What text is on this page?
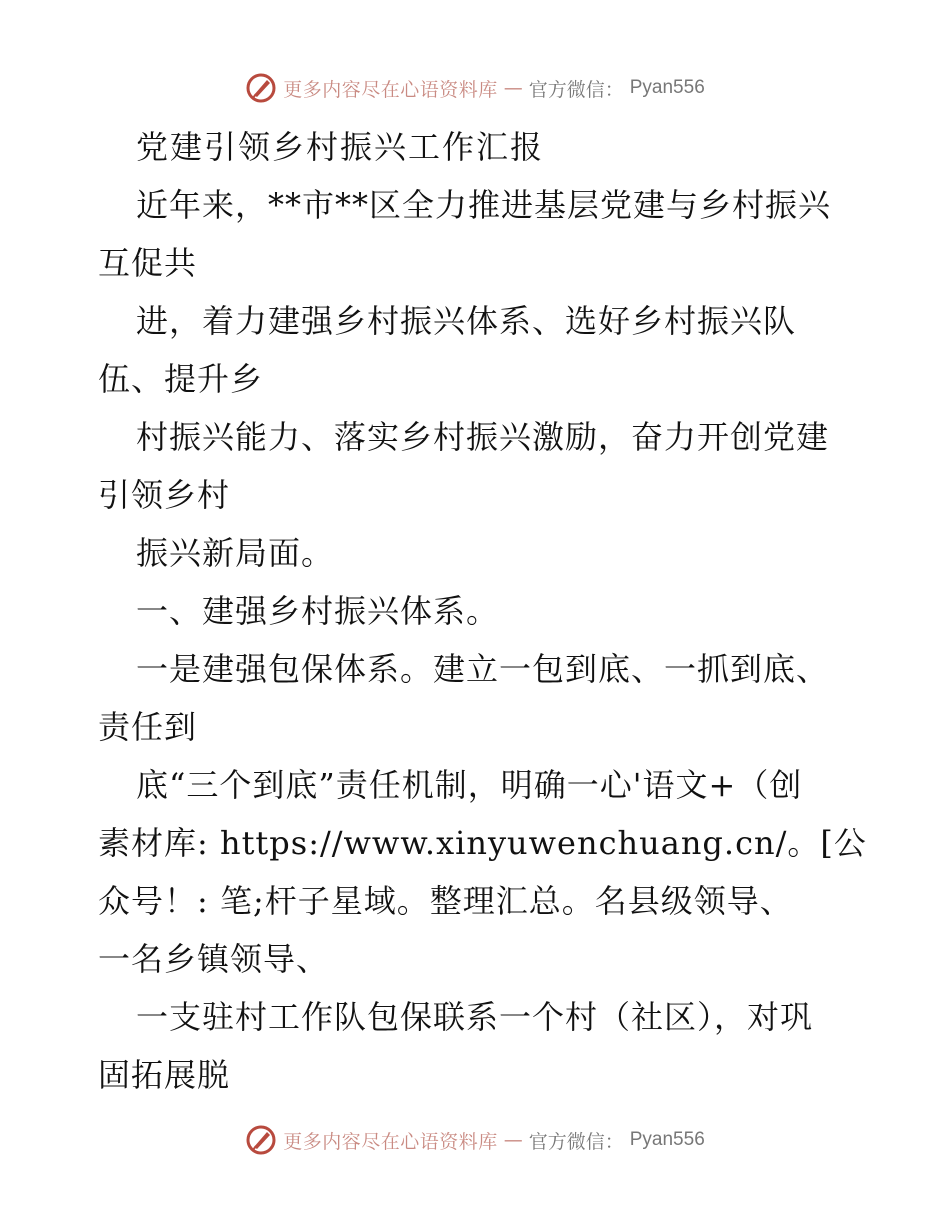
更多内容尽在心语资料库 — 官方微信： Pyan556
党建引领乡村振兴工作汇报
近年来，**市**区全力推进基层党建与乡村振兴
互促共
进，着力建强乡村振兴体系、选好乡村振兴队
伍、提升乡
村振兴能力、落实乡村振兴激励，奋力开创党建
引领乡村
振兴新局面。
一、建强乡村振兴体系。
一是建强包保体系。建立一包到底、一抓到底、
责任到
底“三个到底”责任机制，明确一心'语文+（创
素材库: https://www.xinyuwenchuang.cn/。[公
众号！: 笔;杆子星域。整理汇总。名县级领导、
一名乡镇领导、
一支驻村工作队包保联系一个村（社区），对巩
固拓展脱
更多内容尽在心语资料库 — 官方微信： Pyan556
